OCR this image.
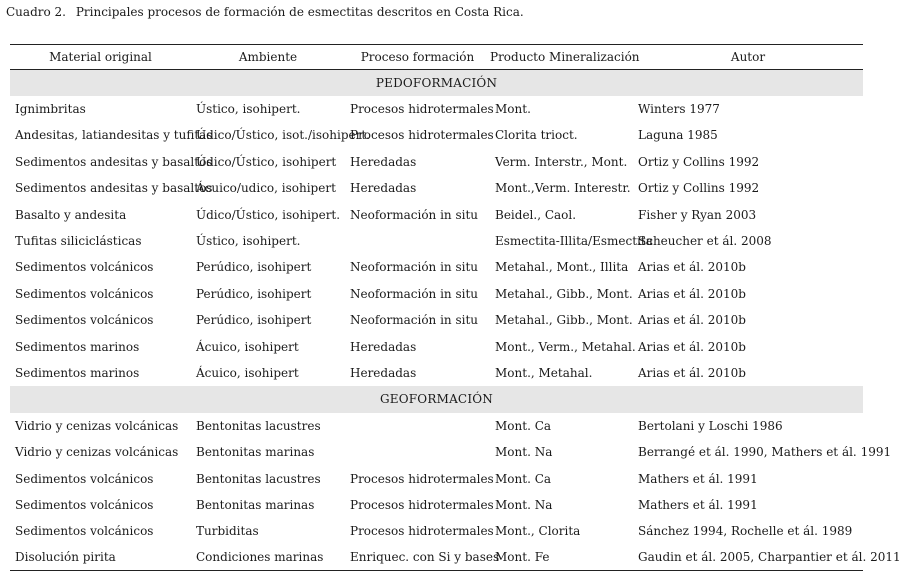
Cuadro 2. Principales procesos de formación de esmectitas descritos en Costa Rica.
Material original	Ambiente	Proceso formación	Producto Mineralización	Autor
PEDOFORMACIÓN				
Ignimbritas	Ústico, isohipert.	Procesos hidrotermales	Mont.	Winters 1977
Andesitas, latiandesitas y tufitas	Údico/Ústico, isot./isohipert.	Procesos hidrotermales	Clorita trioct.	Laguna 1985
Sedimentos andesitas y basaltos	Údico/Ústico, isohipert	Heredadas	Verm. Interstr., Mont.	Ortiz y Collins 1992
Sedimentos andesitas y basaltos	Ácuico/udico, isohipert	Heredadas	Mont.,Verm. Interestr.	Ortiz y Collins 1992
Basalto y andesita	Údico/Ústico, isohipert.	Neoformación in situ	Beidel., Caol.	Fisher y Ryan 2003
Tufitas siliciclásticas	Ústico, isohipert.		Esmectita-Illita/Esmectita	Scheucher et ál. 2008
Sedimentos volcánicos	Perúdico, isohipert	Neoformación in situ	Metahal., Mont., Illita	Arias et ál. 2010b
Sedimentos volcánicos	Perúdico, isohipert	Neoformación in situ	Metahal., Gibb., Mont.	Arias et ál. 2010b
Sedimentos volcánicos	Perúdico, isohipert	Neoformación in situ	Metahal., Gibb., Mont.	Arias et ál. 2010b
Sedimentos marinos	Ácuico, isohipert	Heredadas	Mont., Verm., Metahal.	Arias et ál. 2010b
Sedimentos marinos	Ácuico, isohipert	Heredadas	Mont., Metahal.	Arias et ál. 2010b
GEOFORMACIÓN				
Vidrio y cenizas volcánicas	Bentonitas lacustres		Mont. Ca	Bertolani y Loschi 1986
Vidrio y cenizas volcánicas	Bentonitas marinas		Mont. Na	Berrangé et ál. 1990, Mathers et ál. 1991
Sedimentos volcánicos	Bentonitas lacustres	Procesos hidrotermales	Mont. Ca	Mathers et ál. 1991
Sedimentos volcánicos	Bentonitas marinas	Procesos hidrotermales	Mont. Na	Mathers et ál. 1991
Sedimentos volcánicos	Turbiditas	Procesos hidrotermales	Mont., Clorita	Sánchez 1994, Rochelle et ál. 1989
Disolución pirita	Condiciones marinas	Enriquec. con Si y bases	Mont. Fe	Gaudin et ál. 2005, Charpantier et ál. 2011
